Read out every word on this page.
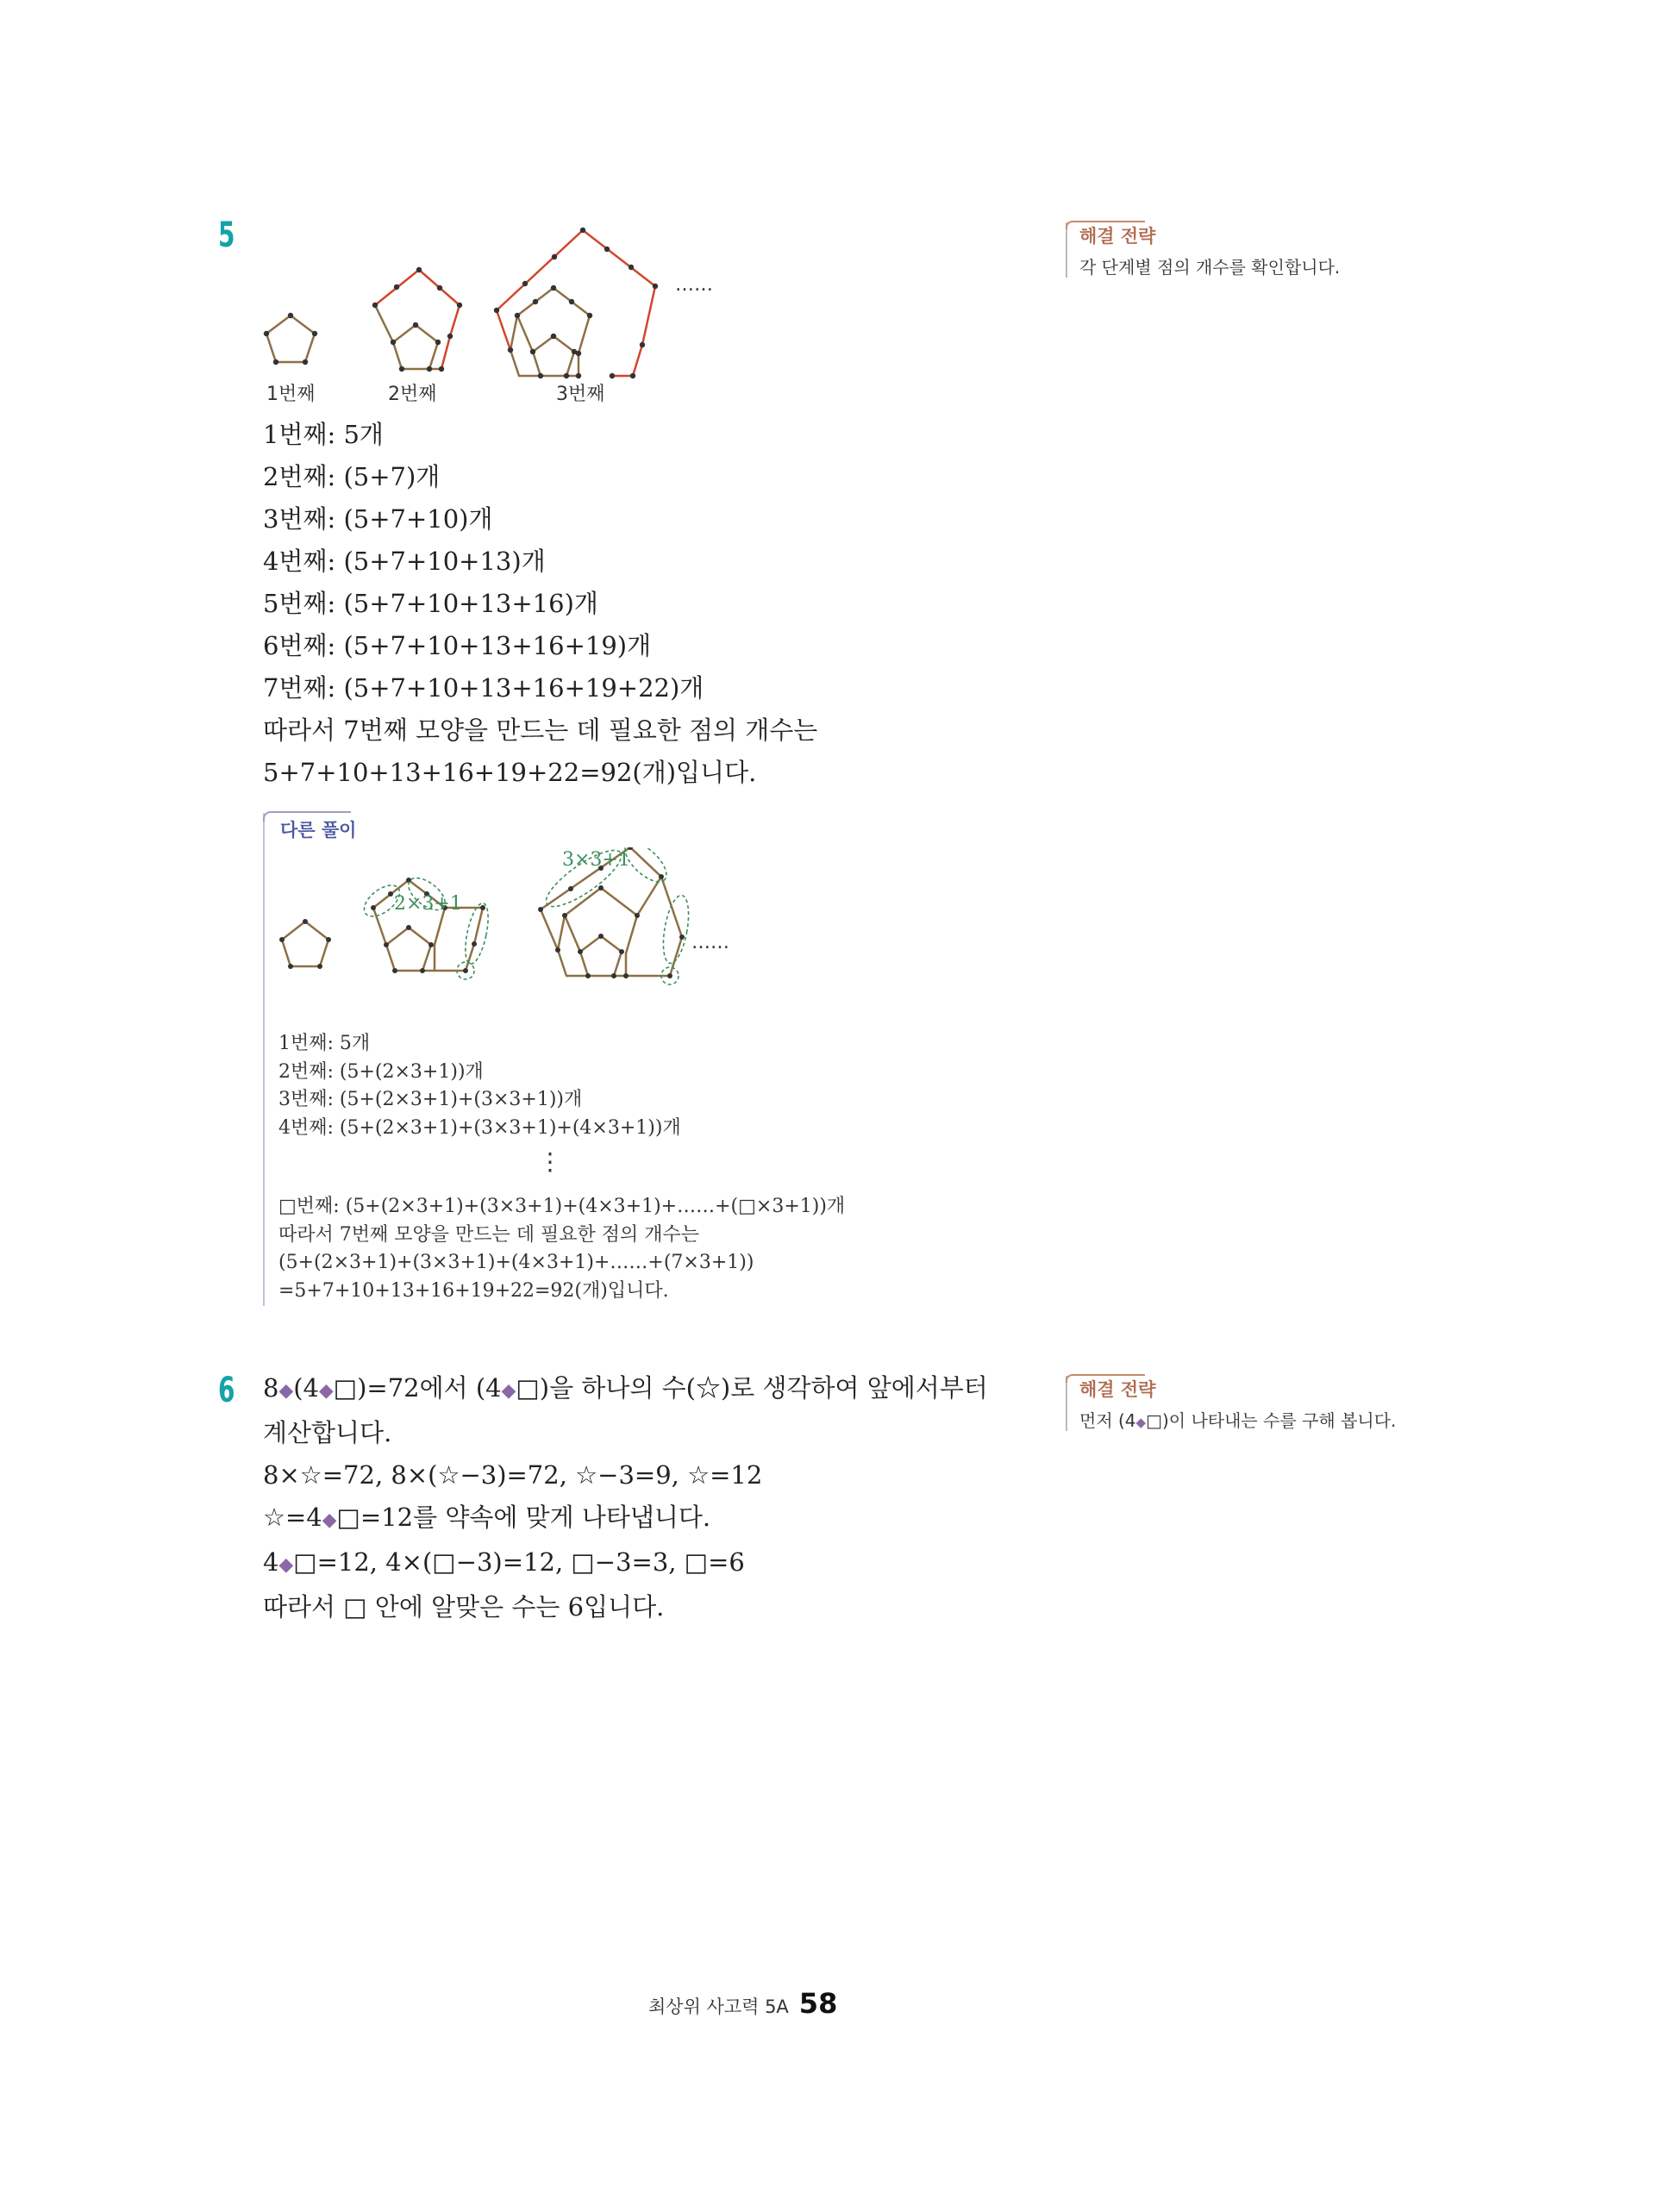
5
……
1번째	2번째	3번째
1번째: 5개
2번째: (5+7)개
3번째: (5+7+10)개
4번째: (5+7+10+13)개
5번째: (5+7+10+13+16)개
6번째: (5+7+10+13+16+19)개
7번째: (5+7+10+13+16+19+22)개
따라서 7번째 모양을 만드는 데 필요한 점의 개수는
5+7+10+13+16+19+22=92(개)입니다.
해결 전략
각 단계별 점의 개수를 확인합니다.
다른 풀이
2×3+1
3×3+1
……
1번째: 5개
2번째: (5+(2×3+1))개
3번째: (5+(2×3+1)+(3×3+1))개
4번째: (5+(2×3+1)+(3×3+1)+(4×3+1))개
⋮
□번째: (5+(2×3+1)+(3×3+1)+(4×3+1)+……+(□×3+1))개
따라서 7번째 모양을 만드는 데 필요한 점의 개수는
(5+(2×3+1)+(3×3+1)+(4×3+1)+……+(7×3+1))
=5+7+10+13+16+19+22=92(개)입니다.
6 8◆(4◆□)=72에서 (4◆□)을 하나의 수(☆)로 생각하여 앞에서부터
계산합니다.
8×☆=72, 8×(☆−3)=72, ☆−3=9, ☆=12
☆=4◆□=12를 약속에 맞게 나타냅니다.
4◆□=12, 4×(□−3)=12, □−3=3, □=6
따라서 □ 안에 알맞은 수는 6입니다.
해결 전략
먼저 (4◆□)이 나타내는 수를 구해 봅니다.
최상위 사고력 5A 58
